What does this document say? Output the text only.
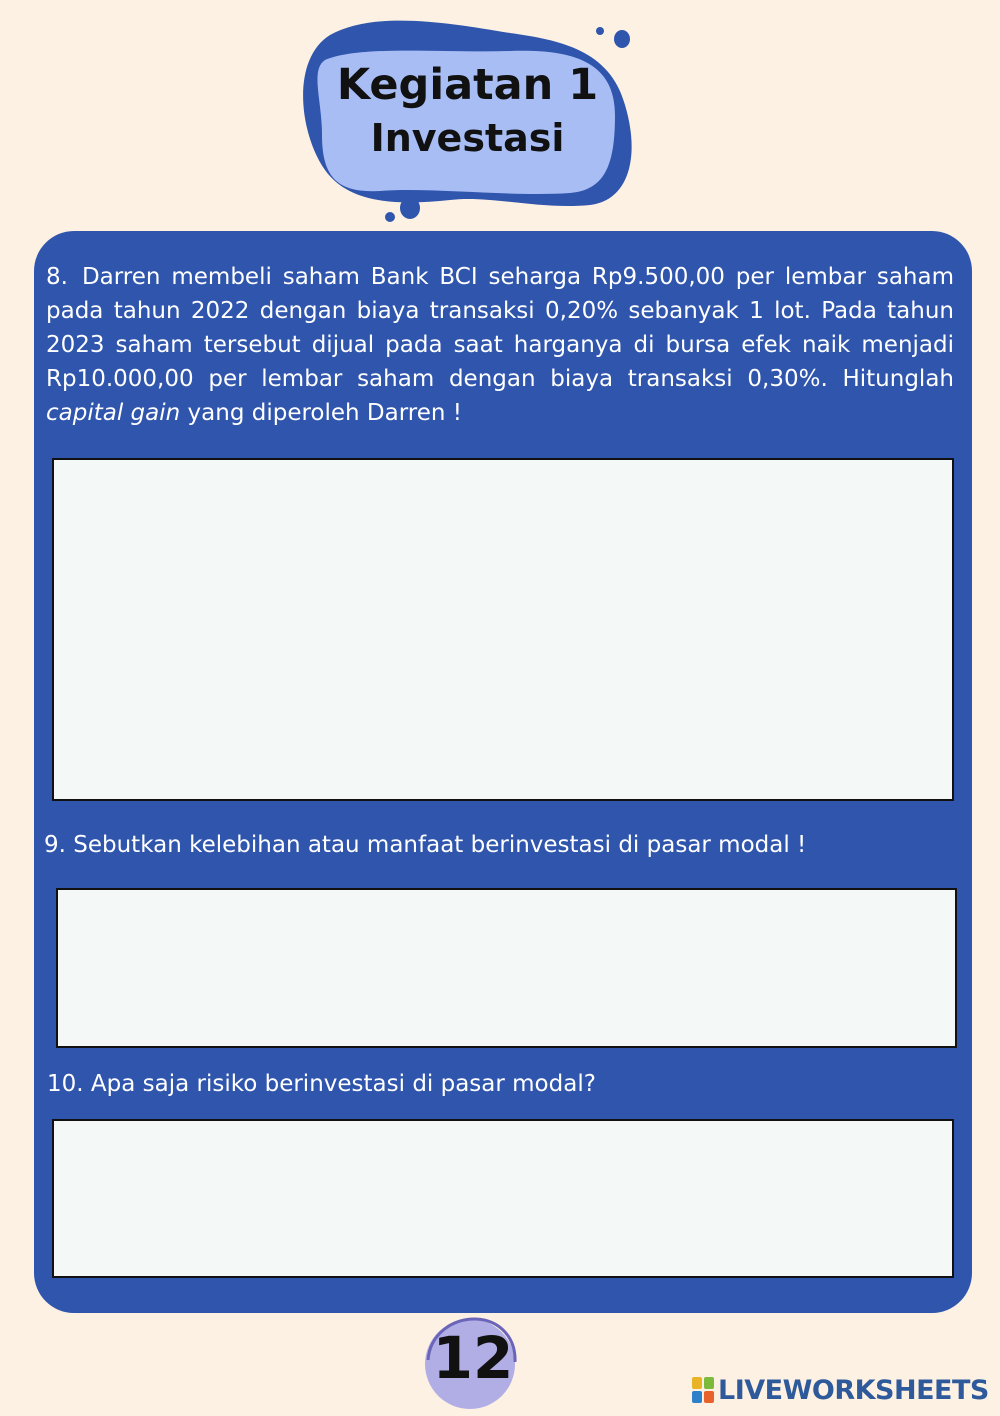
Kegiatan 1
Investasi
8. Darren membeli saham Bank BCI seharga Rp9.500,00 per lembar saham pada tahun 2022 dengan biaya transaksi 0,20% sebanyak 1 lot. Pada tahun 2023 saham tersebut dijual pada saat harganya di bursa efek naik menjadi Rp10.000,00 per lembar saham dengan biaya transaksi 0,30%. Hitunglah capital gain yang diperoleh Darren !
9. Sebutkan kelebihan atau manfaat berinvestasi di pasar modal !
10. Apa saja risiko berinvestasi di pasar modal?
12	LIVEWORKSHEETS
